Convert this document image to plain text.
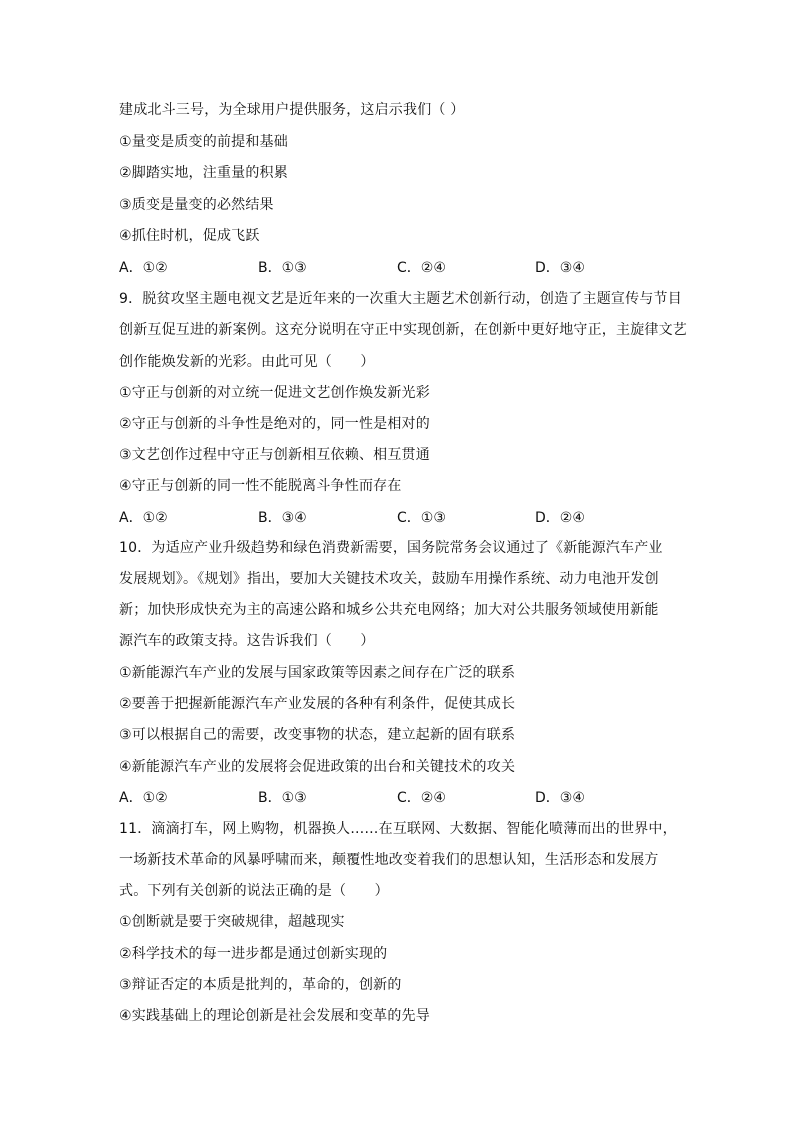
建成北斗三号，为全球用户提供服务，这启示我们（ ）
①量变是质变的前提和基础
②脚踏实地，注重量的积累
③质变是量变的必然结果
④抓住时机，促成飞跃
A．①②	B．①③	C．②④	D．③④
9．脱贫攻坚主题电视文艺是近年来的一次重大主题艺术创新行动，创造了主题宣传与节目
创新互促互进的新案例。这充分说明在守正中实现创新，在创新中更好地守正，主旋律文艺
创作能焕发新的光彩。由此可见（　　）
①守正与创新的对立统一促进文艺创作焕发新光彩
②守正与创新的斗争性是绝对的，同一性是相对的
③文艺创作过程中守正与创新相互依赖、相互贯通
④守正与创新的同一性不能脱离斗争性而存在
A．①②	B．③④	C．①③	D．②④
10．为适应产业升级趋势和绿色消费新需要，国务院常务会议通过了《新能源汽车产业
发展规划》。《规划》指出，要加大关键技术攻关，鼓励车用操作系统、动力电池开发创
新；加快形成快充为主的高速公路和城乡公共充电网络；加大对公共服务领域使用新能
源汽车的政策支持。这告诉我们（　　）
①新能源汽车产业的发展与国家政策等因素之间存在广泛的联系
②要善于把握新能源汽车产业发展的各种有利条件，促使其成长
③可以根据自己的需要，改变事物的状态，建立起新的固有联系
④新能源汽车产业的发展将会促进政策的出台和关键技术的攻关
A．①②	B．①③	C．②④	D．③④
11．滴滴打车，网上购物，机器换人……在互联网、大数据、智能化喷薄而出的世界中，
一场新技术革命的风暴呼啸而来，颠覆性地改变着我们的思想认知，生活形态和发展方
式。下列有关创新的说法正确的是（　　）
①创断就是要于突破规律，超越现实
②科学技术的每一进步都是通过创新实现的
③辩证否定的本质是批判的，革命的，创新的
④实践基础上的理论创新是社会发展和变革的先导
